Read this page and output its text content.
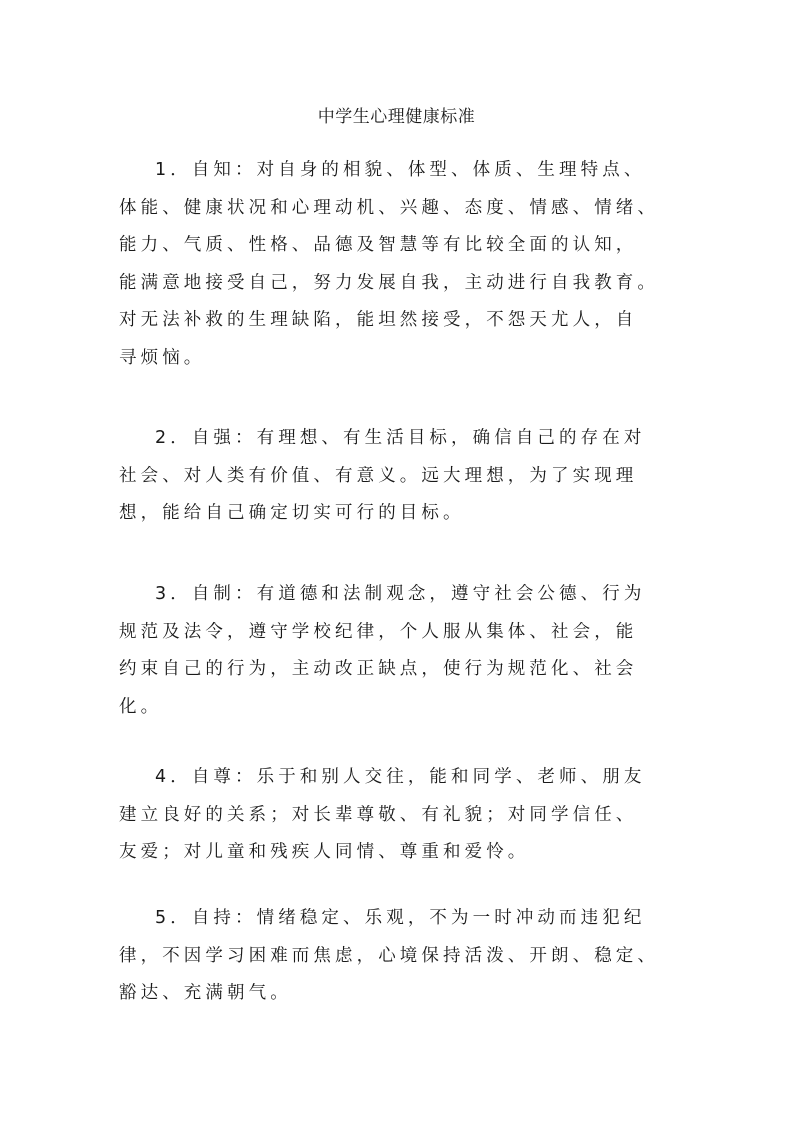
中学生心理健康标准
1．自知：对自身的相貌、体型、体质、生理特点、
体能、健康状况和心理动机、兴趣、态度、情感、情绪、
能力、气质、性格、品德及智慧等有比较全面的认知，
能满意地接受自己，努力发展自我，主动进行自我教育。
对无法补救的生理缺陷，能坦然接受，不怨天尤人，自
寻烦恼。
2．自强：有理想、有生活目标，确信自己的存在对
社会、对人类有价值、有意义。远大理想，为了实现理
想，能给自己确定切实可行的目标。
3．自制：有道德和法制观念，遵守社会公德、行为
规范及法令，遵守学校纪律，个人服从集体、社会，能
约束自己的行为，主动改正缺点，使行为规范化、社会
化。
4．自尊：乐于和别人交往，能和同学、老师、朋友
建立良好的关系；对长辈尊敬、有礼貌；对同学信任、
友爱；对儿童和残疾人同情、尊重和爱怜。
5．自持：情绪稳定、乐观，不为一时冲动而违犯纪
律，不因学习困难而焦虑，心境保持活泼、开朗、稳定、
豁达、充满朝气。
